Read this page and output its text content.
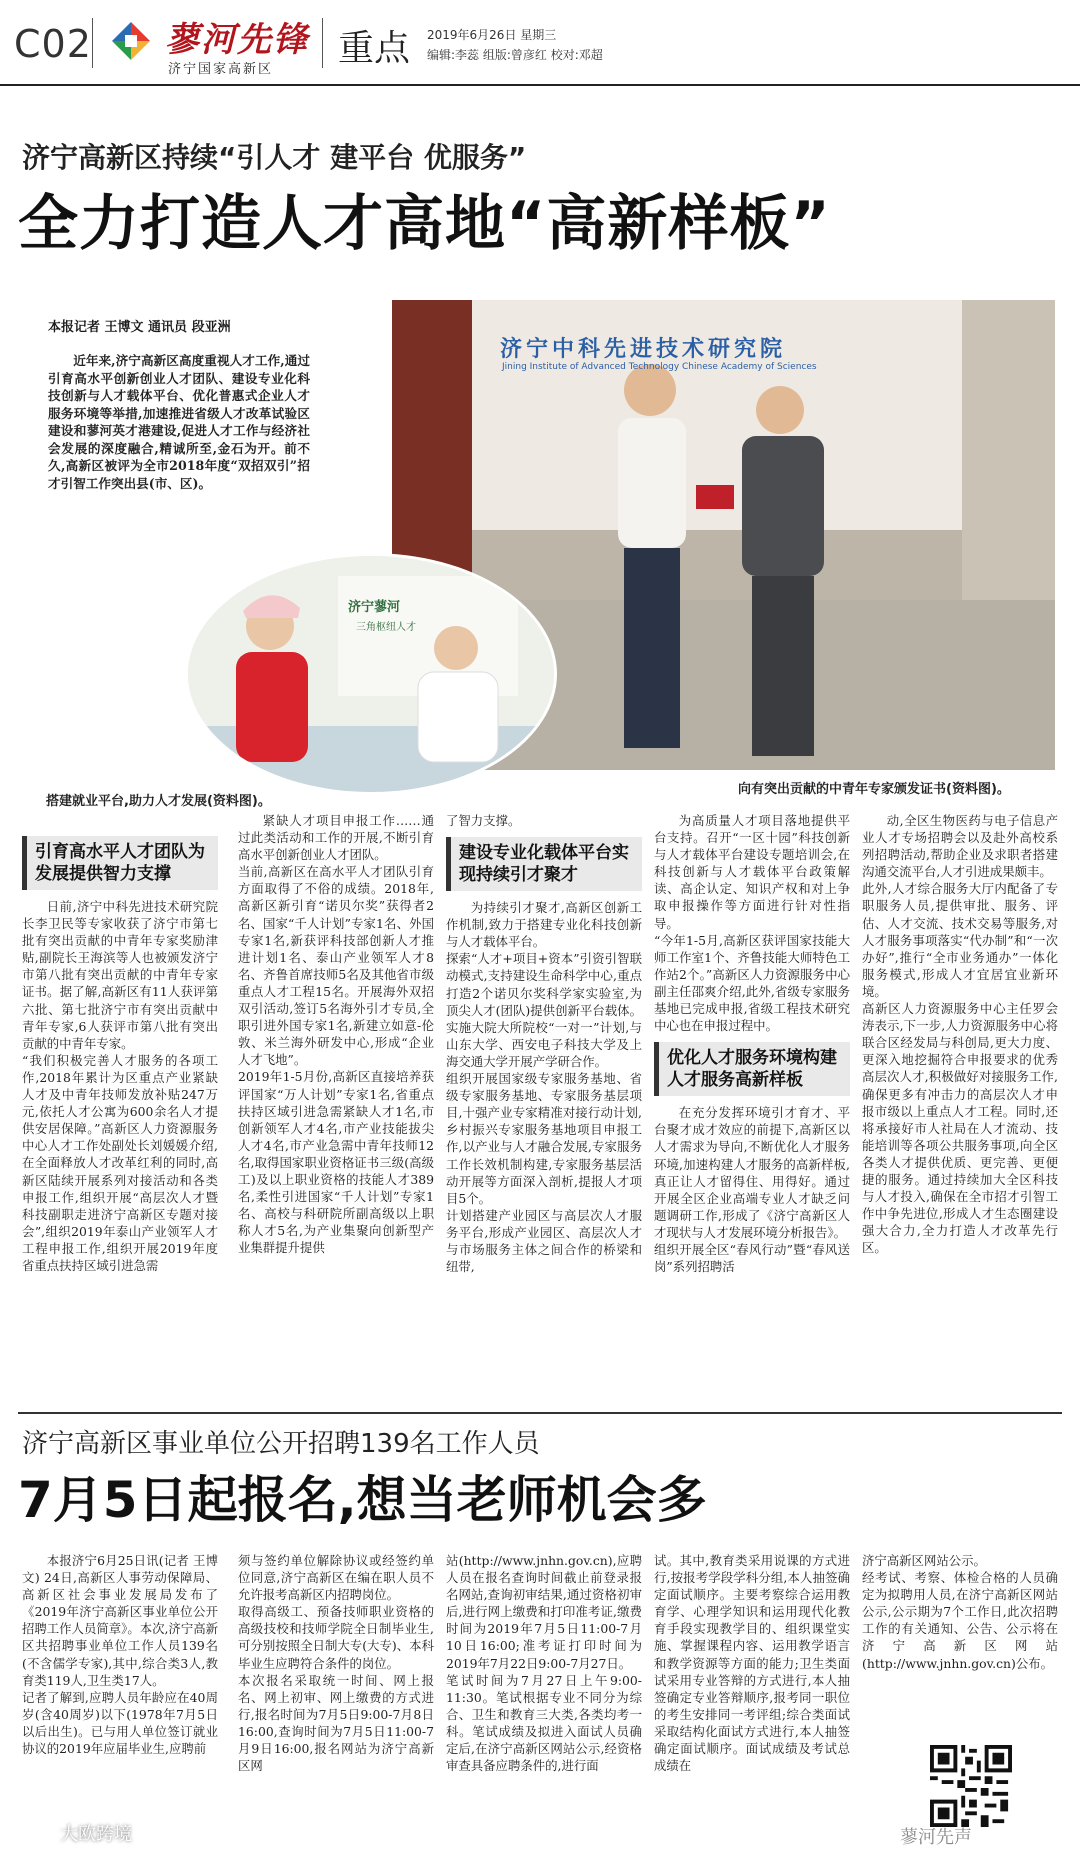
C02 蓼河先锋
济宁国家高新区
重点 2019年6月26日 星期三
编辑:李蕊 组版:曾彦红 校对:邓超
济宁高新区持续“引人才 建平台 优服务”
全力打造人才高地“高新样板”
本报记者 王博文 通讯员 段亚洲
近年来,济宁高新区高度重视人才工作,通过引育高水平创新创业人才团队、建设专业化科技创新与人才载体平台、优化普惠式企业人才服务环境等举措,加速推进省级人才改革试验区建设和蓼河英才港建设,促进人才工作与经济社会发展的深度融合,精诚所至,金石为开。前不久,高新区被评为全市2018年度“双招双引”招才引智工作突出县(市、区)。
济宁中科先进技术研究院
Jining Institute of Advanced Technology Chinese Academy of Sciences
济宁蓼河
三角枢纽人才
搭建就业平台,助力人才发展(资料图)。
向有突出贡献的中青年专家颁发证书(资料图)。
引育高水平人才团队为发展提供智力支撑
日前,济宁中科先进技术研究院长李卫民等专家收获了济宁市第七批有突出贡献的中青年专家奖励津贴,副院长王海滨等人也被颁发济宁市第八批有突出贡献的中青年专家证书。据了解,高新区有11人获评第六批、第七批济宁市有突出贡献中青年专家,6人获评市第八批有突出贡献的中青年专家。
“我们积极完善人才服务的各项工作,2018年累计为区重点产业紧缺人才及中青年技师发放补贴247万元,依托人才公寓为600余名人才提供安居保障。”高新区人力资源服务中心人才工作处副处长刘媛媛介绍,在全面释放人才改革红利的同时,高新区陆续开展系列对接活动和各类申报工作,组织开展“高层次人才暨科技副职走进济宁高新区专题对接会”,组织2019年泰山产业领军人才工程申报工作,组织开展2019年度省重点扶持区域引进急需
紧缺人才项目申报工作……通过此类活动和工作的开展,不断引育高水平创新创业人才团队。
当前,高新区在高水平人才团队引育方面取得了不俗的成绩。2018年,高新区新引育“诺贝尔奖”获得者2名、国家“千人计划”专家1名、外国专家1名,新获评科技部创新人才推进计划1名、泰山产业领军人才8名、齐鲁首席技师5名及其他省市级重点人才工程15名。开展海外双招双引活动,签订5名海外引才专员,全职引进外国专家1名,新建立如意-伦敦、米兰海外研发中心,形成“企业人才飞地”。
2019年1-5月份,高新区直接培养获评国家“万人计划”专家1名,省重点扶持区域引进急需紧缺人才1名,市创新领军人才4名,市产业技能拔尖人才4名,市产业急需中青年技师12名,取得国家职业资格证书三级(高级工)及以上职业资格的技能人才389名,柔性引进国家“千人计划”专家1名、高校与科研院所副高级以上职称人才5名,为产业集聚向创新型产业集群提升提供
了智力支撑。
建设专业化载体平台实现持续引才聚才
为持续引才聚才,高新区创新工作机制,致力于搭建专业化科技创新与人才载体平台。
探索“人才+项目+资本”引资引智联动模式,支持建设生命科学中心,重点打造2个诺贝尔奖科学家实验室,为顶尖人才(团队)提供创新平台载体。实施大院大所院校“一对一”计划,与山东大学、西安电子科技大学及上海交通大学开展产学研合作。
组织开展国家级专家服务基地、省级专家服务基地、专家服务基层项目,十强产业专家精准对接行动计划,乡村振兴专家服务基地项目申报工作,以产业与人才融合发展,专家服务工作长效机制构建,专家服务基层活动开展等方面深入剖析,提报人才项目5个。
计划搭建产业园区与高层次人才服务平台,形成产业园区、高层次人才与市场服务主体之间合作的桥梁和纽带,
为高质量人才项目落地提供平台支持。召开“一区十园”科技创新与人才载体平台建设专题培训会,在科技创新与人才载体平台政策解读、高企认定、知识产权和对上争取申报操作等方面进行针对性指导。
“今年1-5月,高新区获评国家技能大师工作室1个、齐鲁技能大师特色工作站2个。”高新区人力资源服务中心副主任邵爽介绍,此外,省级专家服务基地已完成申报,省级工程技术研究中心也在申报过程中。
优化人才服务环境构建人才服务高新样板
在充分发挥环境引才育才、平台聚才成才效应的前提下,高新区以人才需求为导向,不断优化人才服务环境,加速构建人才服务的高新样板,真正让人才留得住、用得好。通过开展全区企业高端专业人才缺乏问题调研工作,形成了《济宁高新区人才现状与人才发展环境分析报告》。
组织开展全区“春风行动”暨“春风送岗”系列招聘活
动,全区生物医药与电子信息产业人才专场招聘会以及赴外高校系列招聘活动,帮助企业及求职者搭建沟通交流平台,人才引进成果颇丰。
此外,人才综合服务大厅内配备了专职服务人员,提供审批、服务、评估、人才交流、技术交易等服务,对人才服务事项落实“代办制”和“一次办好”,推行“全市业务通办”一体化服务模式,形成人才宜居宜业新环境。
高新区人力资源服务中心主任罗会涛表示,下一步,人力资源服务中心将联合区经发局与科创局,更大力度、更深入地挖掘符合申报要求的优秀高层次人才,积极做好对接服务工作,确保更多有冲击力的高层次人才申报市级以上重点人才工程。同时,还将承接好市人社局在人才流动、技能培训等各项公共服务事项,向全区各类人才提供优质、更完善、更便捷的服务。通过持续加大全区科技与人才投入,确保在全市招才引智工作中争先进位,形成人才生态圈建设强大合力,全力打造人才改革先行区。
济宁高新区事业单位公开招聘139名工作人员
7月5日起报名,想当老师机会多
本报济宁6月25日讯(记者 王博文) 24日,高新区人事劳动保障局、高新区社会事业发展局发布了《2019年济宁高新区事业单位公开招聘工作人员简章》。本次,济宁高新区共招聘事业单位工作人员139名(不含儒学专家),其中,综合类3人,教育类119人,卫生类17人。
记者了解到,应聘人员年龄应在40周岁(含40周岁)以下(1978年7月5日以后出生)。已与用人单位签订就业协议的2019年应届毕业生,应聘前
须与签约单位解除协议或经签约单位同意,济宁高新区在编在职人员不允许报考高新区内招聘岗位。
取得高级工、预备技师职业资格的高级技校和技师学院全日制毕业生,可分别按照全日制大专(大专)、本科毕业生应聘符合条件的岗位。
本次报名采取统一时间、网上报名、网上初审、网上缴费的方式进行,报名时间为7月5日9:00-7月8日16:00,查询时间为7月5日11:00-7月9日16:00,报名网站为济宁高新区网
站(http://www.jnhn.gov.cn),应聘人员在报名查询时间截止前登录报名网站,查询初审结果,通过资格初审后,进行网上缴费和打印准考证,缴费时间为2019年7月5日11:00-7月10日16:00;准考证打印时间为2019年7月22日9:00-7月27日。
笔试时间为7月27日上午9:00-11:30。笔试根据专业不同分为综合、卫生和教育三大类,各类均考一科。笔试成绩及拟进入面试人员确定后,在济宁高新区网站公示,经资格审查具备应聘条件的,进行面
试。其中,教育类采用说课的方式进行,按报考学段学科分组,本人抽签确定面试顺序。主要考察综合运用教育学、心理学知识和运用现代化教育手段实现教学目的、组织课堂实施、掌握课程内容、运用教学语言和教学资源等方面的能力;卫生类面试采用专业答辩的方式进行,本人抽签确定专业答辩顺序,报考同一职位的考生安排同一考评组;综合类面试采取结构化面试方式进行,本人抽签确定面试顺序。面试成绩及考试总成绩在
济宁高新区网站公示。
经考试、考察、体检合格的人员确定为拟聘用人员,在济宁高新区网站公示,公示期为7个工作日,此次招聘工作的有关通知、公告、公示将在济宁高新区网站(http://www.jnhn.gov.cn)公布。
大欧跨境	蓼河先声
